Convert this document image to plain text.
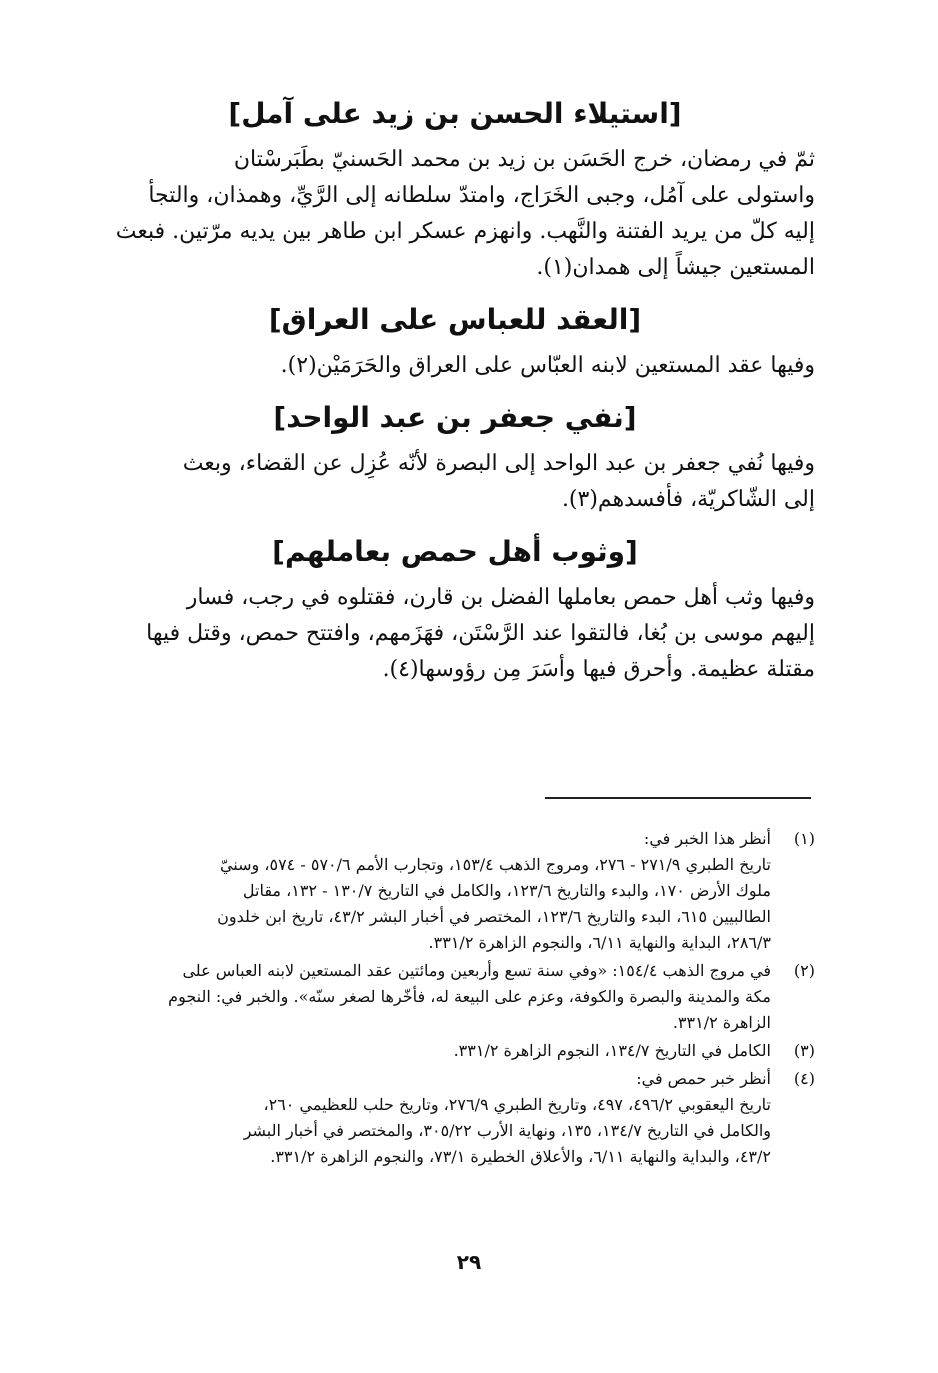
[استيلاء الحسن بن زيد على آمل]

ثمّ في رمضان، خرج الحَسَن بن زيد بن محمد الحَسنيّ بطَبَرسْتان
واستولى على آمُل، وجبى الخَرَاج، وامتدّ سلطانه إلى الرَّيِّ، وهمذان، والتجأ
إليه كلّ من يريد الفتنة والنَّهب. وانهزم عسكر ابن طاهر بين يديه مرّتين. فبعث
المستعين جيشاً إلى همدان(١).

[العقد للعباس على العراق]

وفيها عقد المستعين لابنه العبّاس على العراق والحَرَمَيْن(٢).

[نفي جعفر بن عبد الواحد]

وفيها نُفي جعفر بن عبد الواحد إلى البصرة لأنّه عُزِل عن القضاء، وبعث
إلى الشّاكريّة، فأفسدهم(٣).

[وثوب أهل حمص بعاملهم]

وفيها وثب أهل حمص بعاملها الفضل بن قارن، فقتلوه في رجب، فسار
إليهم موسى بن بُغا، فالتقوا عند الرَّسْتَن، فهَزَمهم، وافتتح حمص، وقتل فيها
مقتلة عظيمة. وأحرق فيها وأسَرَ مِن رؤوسها(٤).

(١)
أنظر هذا الخبر في:
تاريخ الطبري ٢٧١/٩ - ٢٧٦، ومروج الذهب ١٥٣/٤، وتجارب الأمم ٥٧٠/٦ - ٥٧٤، وسنيّ
ملوك الأرض ١٧٠، والبدء والتاريخ ١٢٣/٦، والكامل في التاريخ ١٣٠/٧ - ١٣٢، مقاتل
الطالبيين ٦١٥، البدء والتاريخ ١٢٣/٦، المختصر في أخبار البشر ٤٣/٢، تاريخ ابن خلدون
٢٨٦/٣، البداية والنهاية ٦/١١، والنجوم الزاهرة ٣٣١/٢.
(٢)
في مروج الذهب ١٥٤/٤: «وفي سنة تسع وأربعين ومائتين عقد المستعين لابنه العباس على
مكة والمدينة والبصرة والكوفة، وعزم على البيعة له، فأخّرها لصغر سنّه». والخبر في: النجوم
الزاهرة ٣٣١/٢.
(٣)
الكامل في التاريخ ١٣٤/٧، النجوم الزاهرة ٣٣١/٢.
(٤)
أنظر خبر حمص في:
تاريخ اليعقوبي ٤٩٦/٢، ٤٩٧، وتاريخ الطبري ٢٧٦/٩، وتاريخ حلب للعظيمي ٢٦٠،
والكامل في التاريخ ١٣٤/٧، ١٣٥، ونهاية الأرب ٣٠٥/٢٢، والمختصر في أخبار البشر
٤٣/٢، والبداية والنهاية ٦/١١، والأعلاق الخطيرة ٧٣/١، والنجوم الزاهرة ٣٣١/٢.
٢٩
